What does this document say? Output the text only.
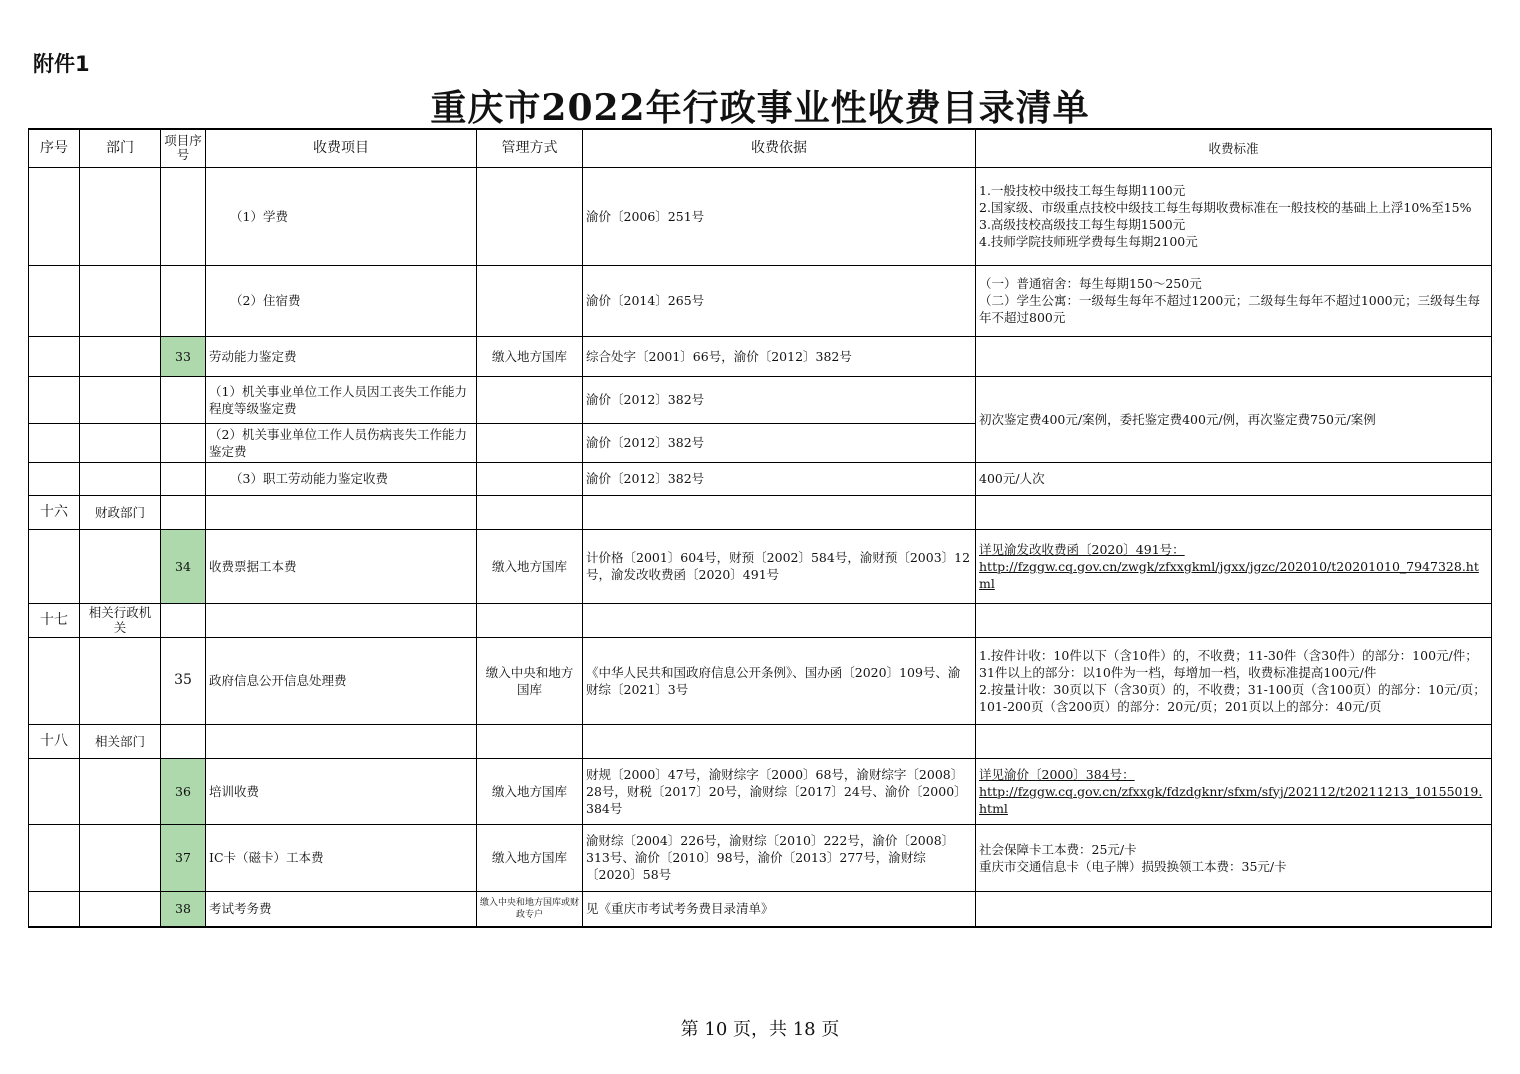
附件1
重庆市2022年行政事业性收费目录清单
序号	部门	项目序号	收费项目	管理方式	收费依据	收费标准
			（1）学费		渝价〔2006〕251号	1.一般技校中级技工每生每期1100元
2.国家级、市级重点技校中级技工每生每期收费标准在一般技校的基础上上浮10%至15%
3.高级技校高级技工每生每期1500元
4.技师学院技师班学费每生每期2100元

			（2）住宿费		渝价〔2014〕265号	（一）普通宿舍：每生每期150～250元
（二）学生公寓：一级每生每年不超过1200元；二级每生每年不超过1000元；三级每生每年不超过800元

		33	劳动能力鉴定费	缴入地方国库	综合处字〔2001〕66号，渝价〔2012〕382号	
			（1）机关事业单位工作人员因工丧失工作能力程度等级鉴定费		渝价〔2012〕382号	初次鉴定费400元/案例，委托鉴定费400元/例，再次鉴定费750元/案例
			（2）机关事业单位工作人员伤病丧失工作能力鉴定费		渝价〔2012〕382号	
			（3）职工劳动能力鉴定收费		渝价〔2012〕382号	400元/人次
十六	财政部门					
		34	收费票据工本费	缴入地方国库	计价格〔2001〕604号，财预〔2002〕584号，渝财预〔2003〕12号，渝发改收费函〔2020〕491号	详见渝发改收费函〔2020〕491号：
http://fzggw.cq.gov.cn/zwgk/zfxxgkml/jgxx/jgzc/202010/t20201010_7947328.html

十七	相关行政机关					
		35	政府信息公开信息处理费	缴入中央和地方国库	《中华人民共和国政府信息公开条例》、国办函〔2020〕109号、渝财综〔2021〕3号	1.按件计收：10件以下（含10件）的，不收费；11-30件（含30件）的部分：100元/件；31件以上的部分：以10件为一档，每增加一档，收费标准提高100元/件
2.按量计收：30页以下（含30页）的，不收费；31-100页（含100页）的部分：10元/页；101-200页（含200页）的部分：20元/页；201页以上的部分：40元/页

十八	相关部门					
		36	培训收费	缴入地方国库	财规〔2000〕47号，渝财综字〔2000〕68号，渝财综字〔2008〕28号，财税〔2017〕20号，渝财综〔2017〕24号、渝价〔2000〕384号	详见渝价〔2000〕384号：
http://fzggw.cq.gov.cn/zfxxgk/fdzdgknr/sfxm/sfyj/202112/t20211213_10155019.html

		37	IC卡（磁卡）工本费	缴入地方国库	渝财综〔2004〕226号，渝财综〔2010〕222号，渝价〔2008〕313号、渝价〔2010〕98号，渝价〔2013〕277号，渝财综〔2020〕58号	社会保障卡工本费：25元/卡
重庆市交通信息卡（电子牌）损毁换领工本费：35元/卡

		38	考试考务费	缴入中央和地方国库或财政专户	见《重庆市考试考务费目录清单》	
第 10 页，共 18 页
